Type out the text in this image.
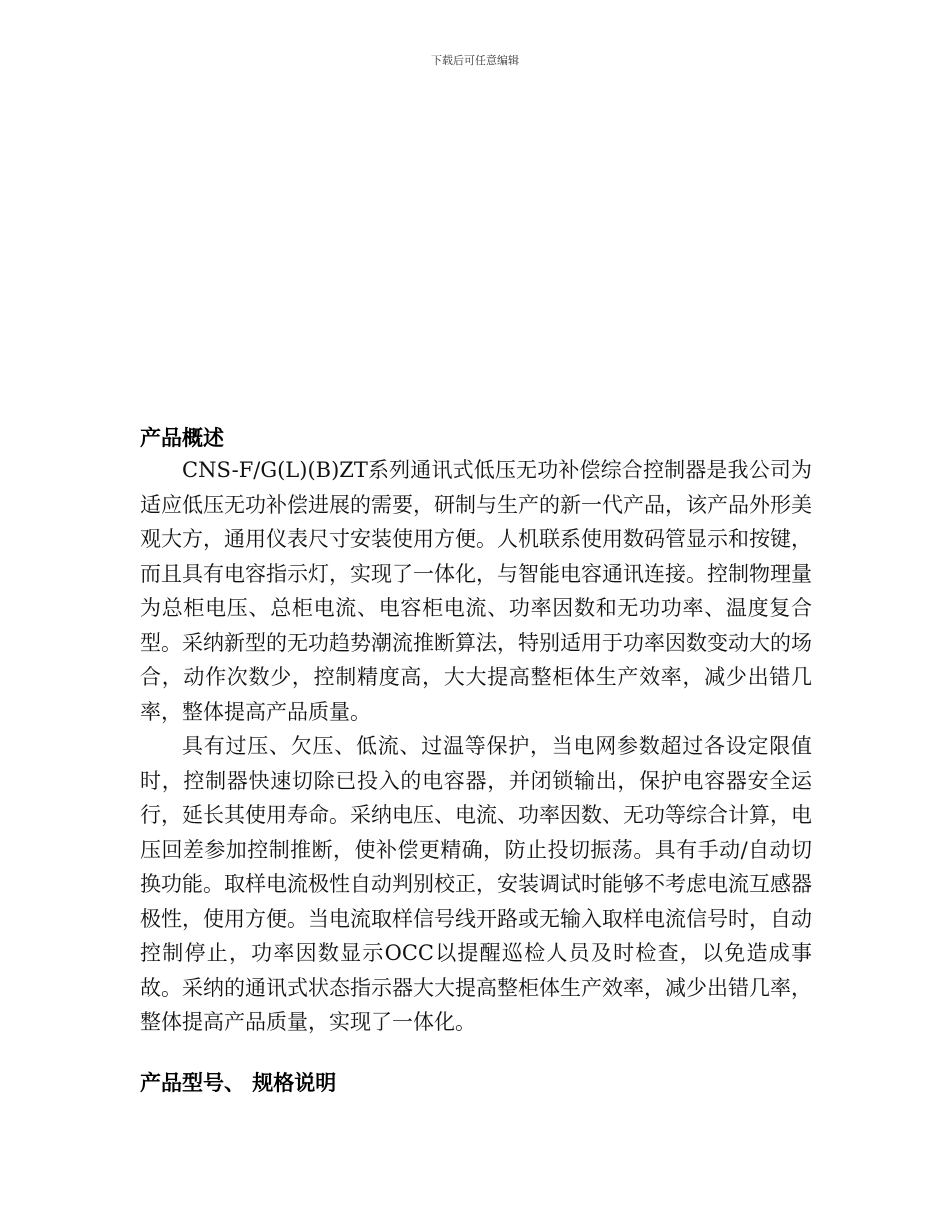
下载后可任意编辑
产品概述

CNS-F/G(L)(B)ZT系列通讯式低压无功补偿综合控制器是我公司为适应低压无功补偿进展的需要，研制与生产的新一代产品，该产品外形美观大方，通用仪表尺寸安装使用方便。人机联系使用数码管显示和按键，而且具有电容指示灯，实现了一体化，与智能电容通讯连接。控制物理量为总柜电压、总柜电流、电容柜电流、功率因数和无功功率、温度复合型。采纳新型的无功趋势潮流推断算法，特别适用于功率因数变动大的场合，动作次数少，控制精度高，大大提高整柜体生产效率，减少出错几率，整体提高产品质量。

具有过压、欠压、低流、过温等保护，当电网参数超过各设定限值时，控制器快速切除已投入的电容器，并闭锁输出，保护电容器安全运行，延长其使用寿命。采纳电压、电流、功率因数、无功等综合计算，电压回差参加控制推断，使补偿更精确，防止投切振荡。具有手动/自动切换功能。取样电流极性自动判别校正，安装调试时能够不考虑电流互感器极性，使用方便。当电流取样信号线开路或无输入取样电流信号时，自动控制停止，功率因数显示OCC以提醒巡检人员及时检查，以免造成事故。采纳的通讯式状态指示器大大提高整柜体生产效率，减少出错几率，整体提高产品质量，实现了一体化。

产品型号、 规格说明
